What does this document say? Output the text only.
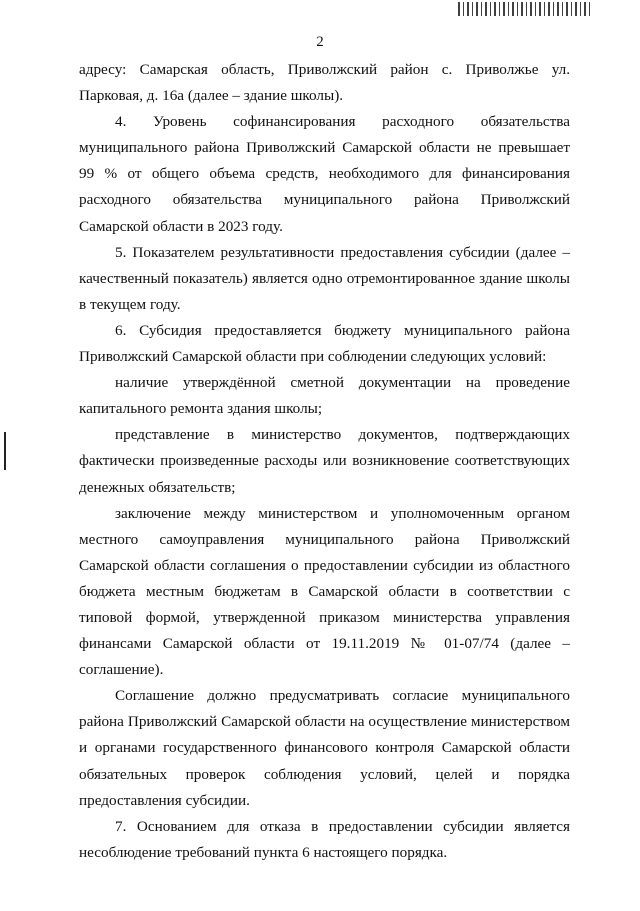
2

адресу: Самарская область, Приволжский район с. Приволжье ул. Парковая, д. 16а (далее – здание школы).

4. Уровень софинансирования расходного обязательства муниципального района Приволжский Самарской области не превышает 99 % от общего объема средств, необходимого для финансирования расходного обязательства муниципального района Приволжский Самарской области в 2023 году.

5. Показателем результативности предоставления субсидии (далее – качественный показатель) является одно отремонтированное здание школы в текущем году.

6. Субсидия предоставляется бюджету муниципального района Приволжский Самарской области при соблюдении следующих условий:

наличие утверждённой сметной документации на проведение капитального ремонта здания школы;

представление в министерство документов, подтверждающих фактически произведенные расходы или возникновение соответствующих денежных обязательств;

заключение между министерством и уполномоченным органом местного самоуправления муниципального района Приволжский Самарской области соглашения о предоставлении субсидии из областного бюджета местным бюджетам в Самарской области в соответствии с типовой формой, утвержденной приказом министерства управления финансами Самарской области от 19.11.2019 № 01-07/74 (далее – соглашение).

Соглашение должно предусматривать согласие муниципального района Приволжский Самарской области на осуществление министерством и органами государственного финансового контроля Самарской области обязательных проверок соблюдения условий, целей и порядка предоставления субсидии.

7. Основанием для отказа в предоставлении субсидии является несоблюдение требований пункта 6 настоящего порядка.
